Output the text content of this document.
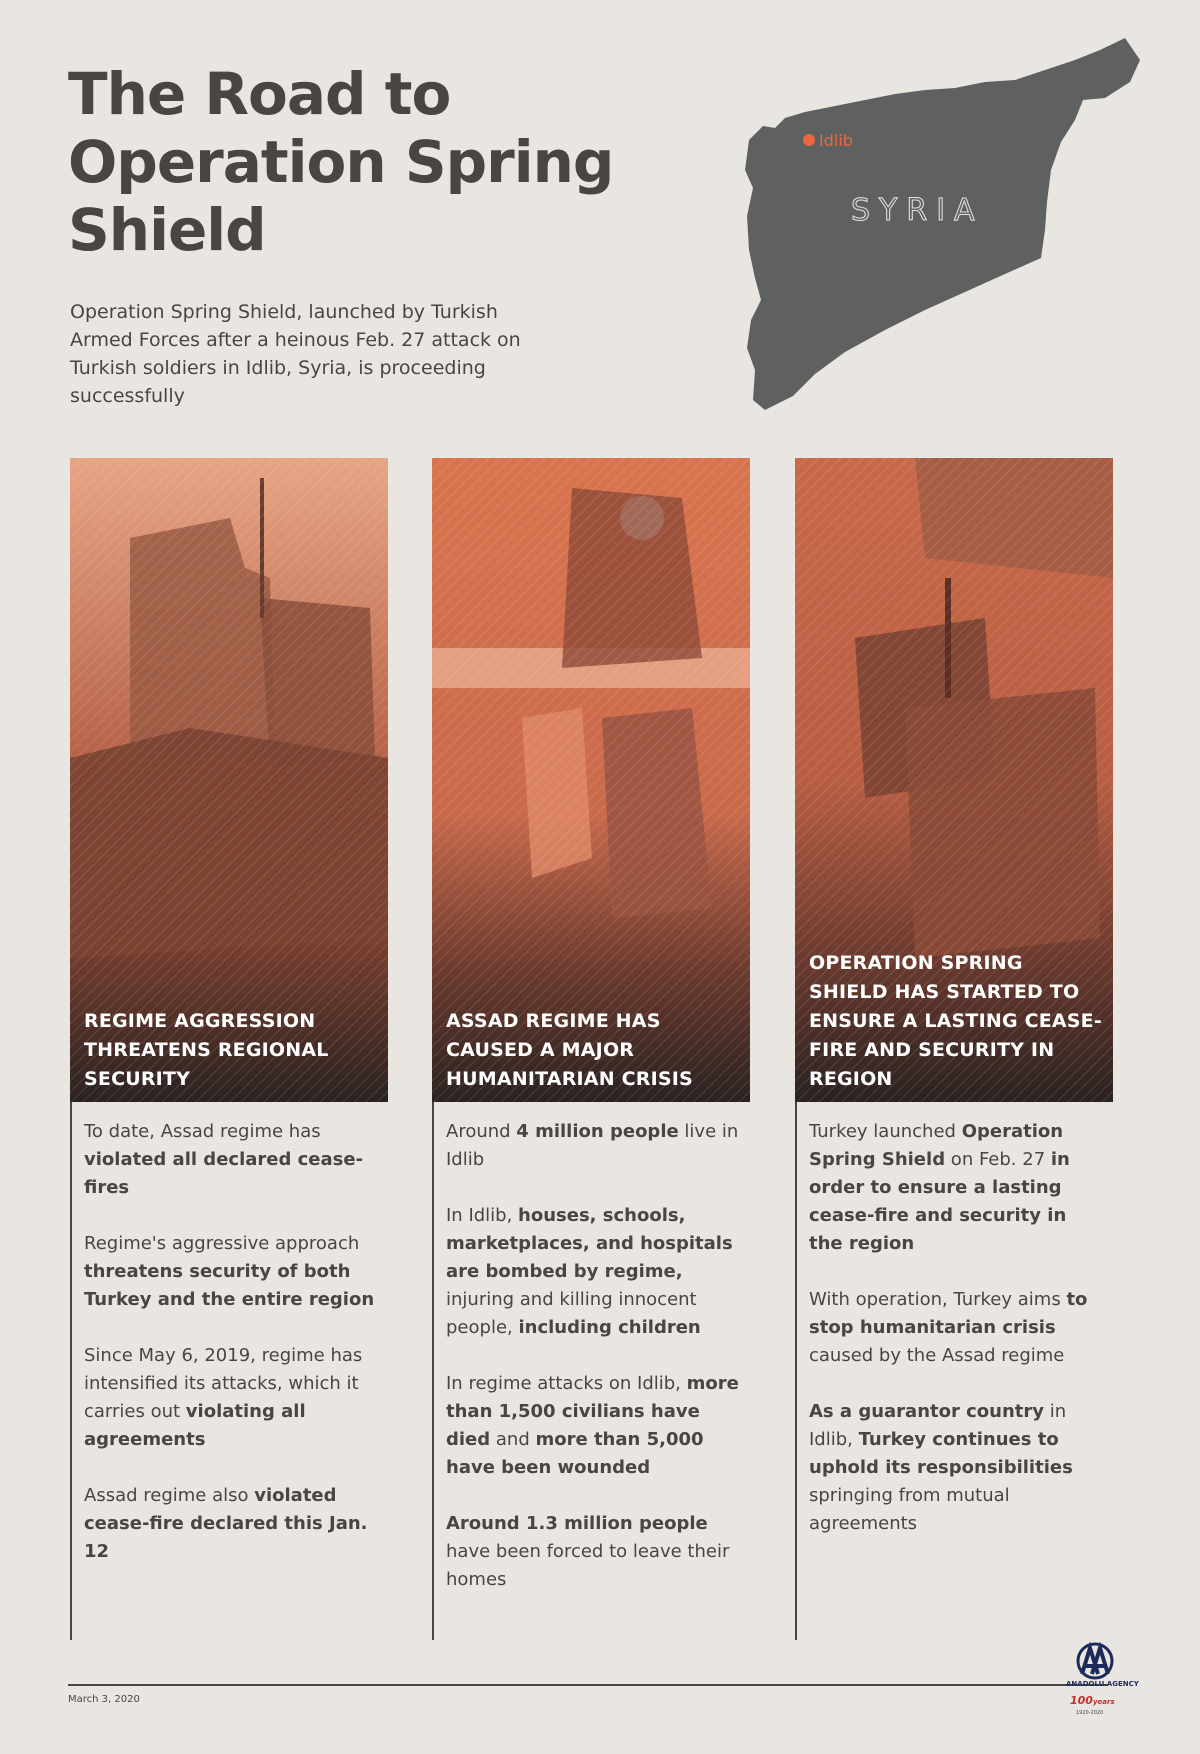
The Road to Operation Spring Shield

Operation Spring Shield, launched by Turkish Armed Forces after a heinous Feb. 27 attack on Turkish soldiers in Idlib, Syria, is proceeding successfully

Idlib
SYRIA
REGIME AGGRESSION THREATENS REGIONAL SECURITY

To date, Assad regime has violated all declared cease-fires

Regime's aggressive approach threatens security of both Turkey and the entire region

Since May 6, 2019, regime has intensified its attacks, which it carries out violating all agreements

Assad regime also violated cease-fire declared this Jan. 12

ASSAD REGIME HAS CAUSED A MAJOR HUMANITARIAN CRISIS

Around 4 million people live in Idlib

In Idlib, houses, schools, marketplaces, and hospitals are bombed by regime, injuring and killing innocent people, including children

In regime attacks on Idlib, more than 1,500 civilians have died and more than 5,000 have been wounded

Around 1.3 million people have been forced to leave their homes

OPERATION SPRING SHIELD HAS STARTED TO ENSURE A LASTING CEASE-FIRE AND SECURITY IN REGION

Turkey launched Operation Spring Shield on Feb. 27 in order to ensure a lasting cease-fire and security in the region

With operation, Turkey aims to stop humanitarian crisis caused by the Assad regime

As a guarantor country in Idlib, Turkey continues to uphold its responsibilities springing from mutual agreements

March 3, 2020
ANADOLU AGENCY
100years
1920-2020
